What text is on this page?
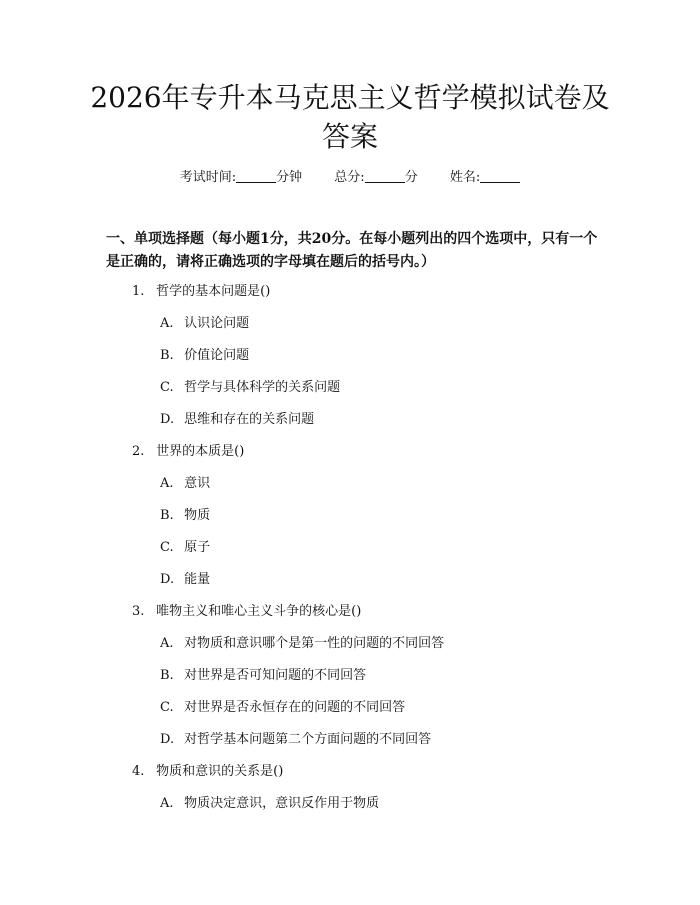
2026年专升本马克思主义哲学模拟试卷及答案
考试时间:	分钟 总分:	分 姓名:
一、单项选择题（每小题1分，共20分。在每小题列出的四个选项中，只有一个是正确的，请将正确选项的字母填在题后的括号内。）
1. 哲学的基本问题是()
A. 认识论问题
B. 价值论问题
C. 哲学与具体科学的关系问题
D. 思维和存在的关系问题
2. 世界的本质是()
A. 意识
B. 物质
C. 原子
D. 能量
3. 唯物主义和唯心主义斗争的核心是()
A. 对物质和意识哪个是第一性的问题的不同回答
B. 对世界是否可知问题的不同回答
C. 对世界是否永恒存在的问题的不同回答
D. 对哲学基本问题第二个方面问题的不同回答
4. 物质和意识的关系是()
A. 物质决定意识，意识反作用于物质
